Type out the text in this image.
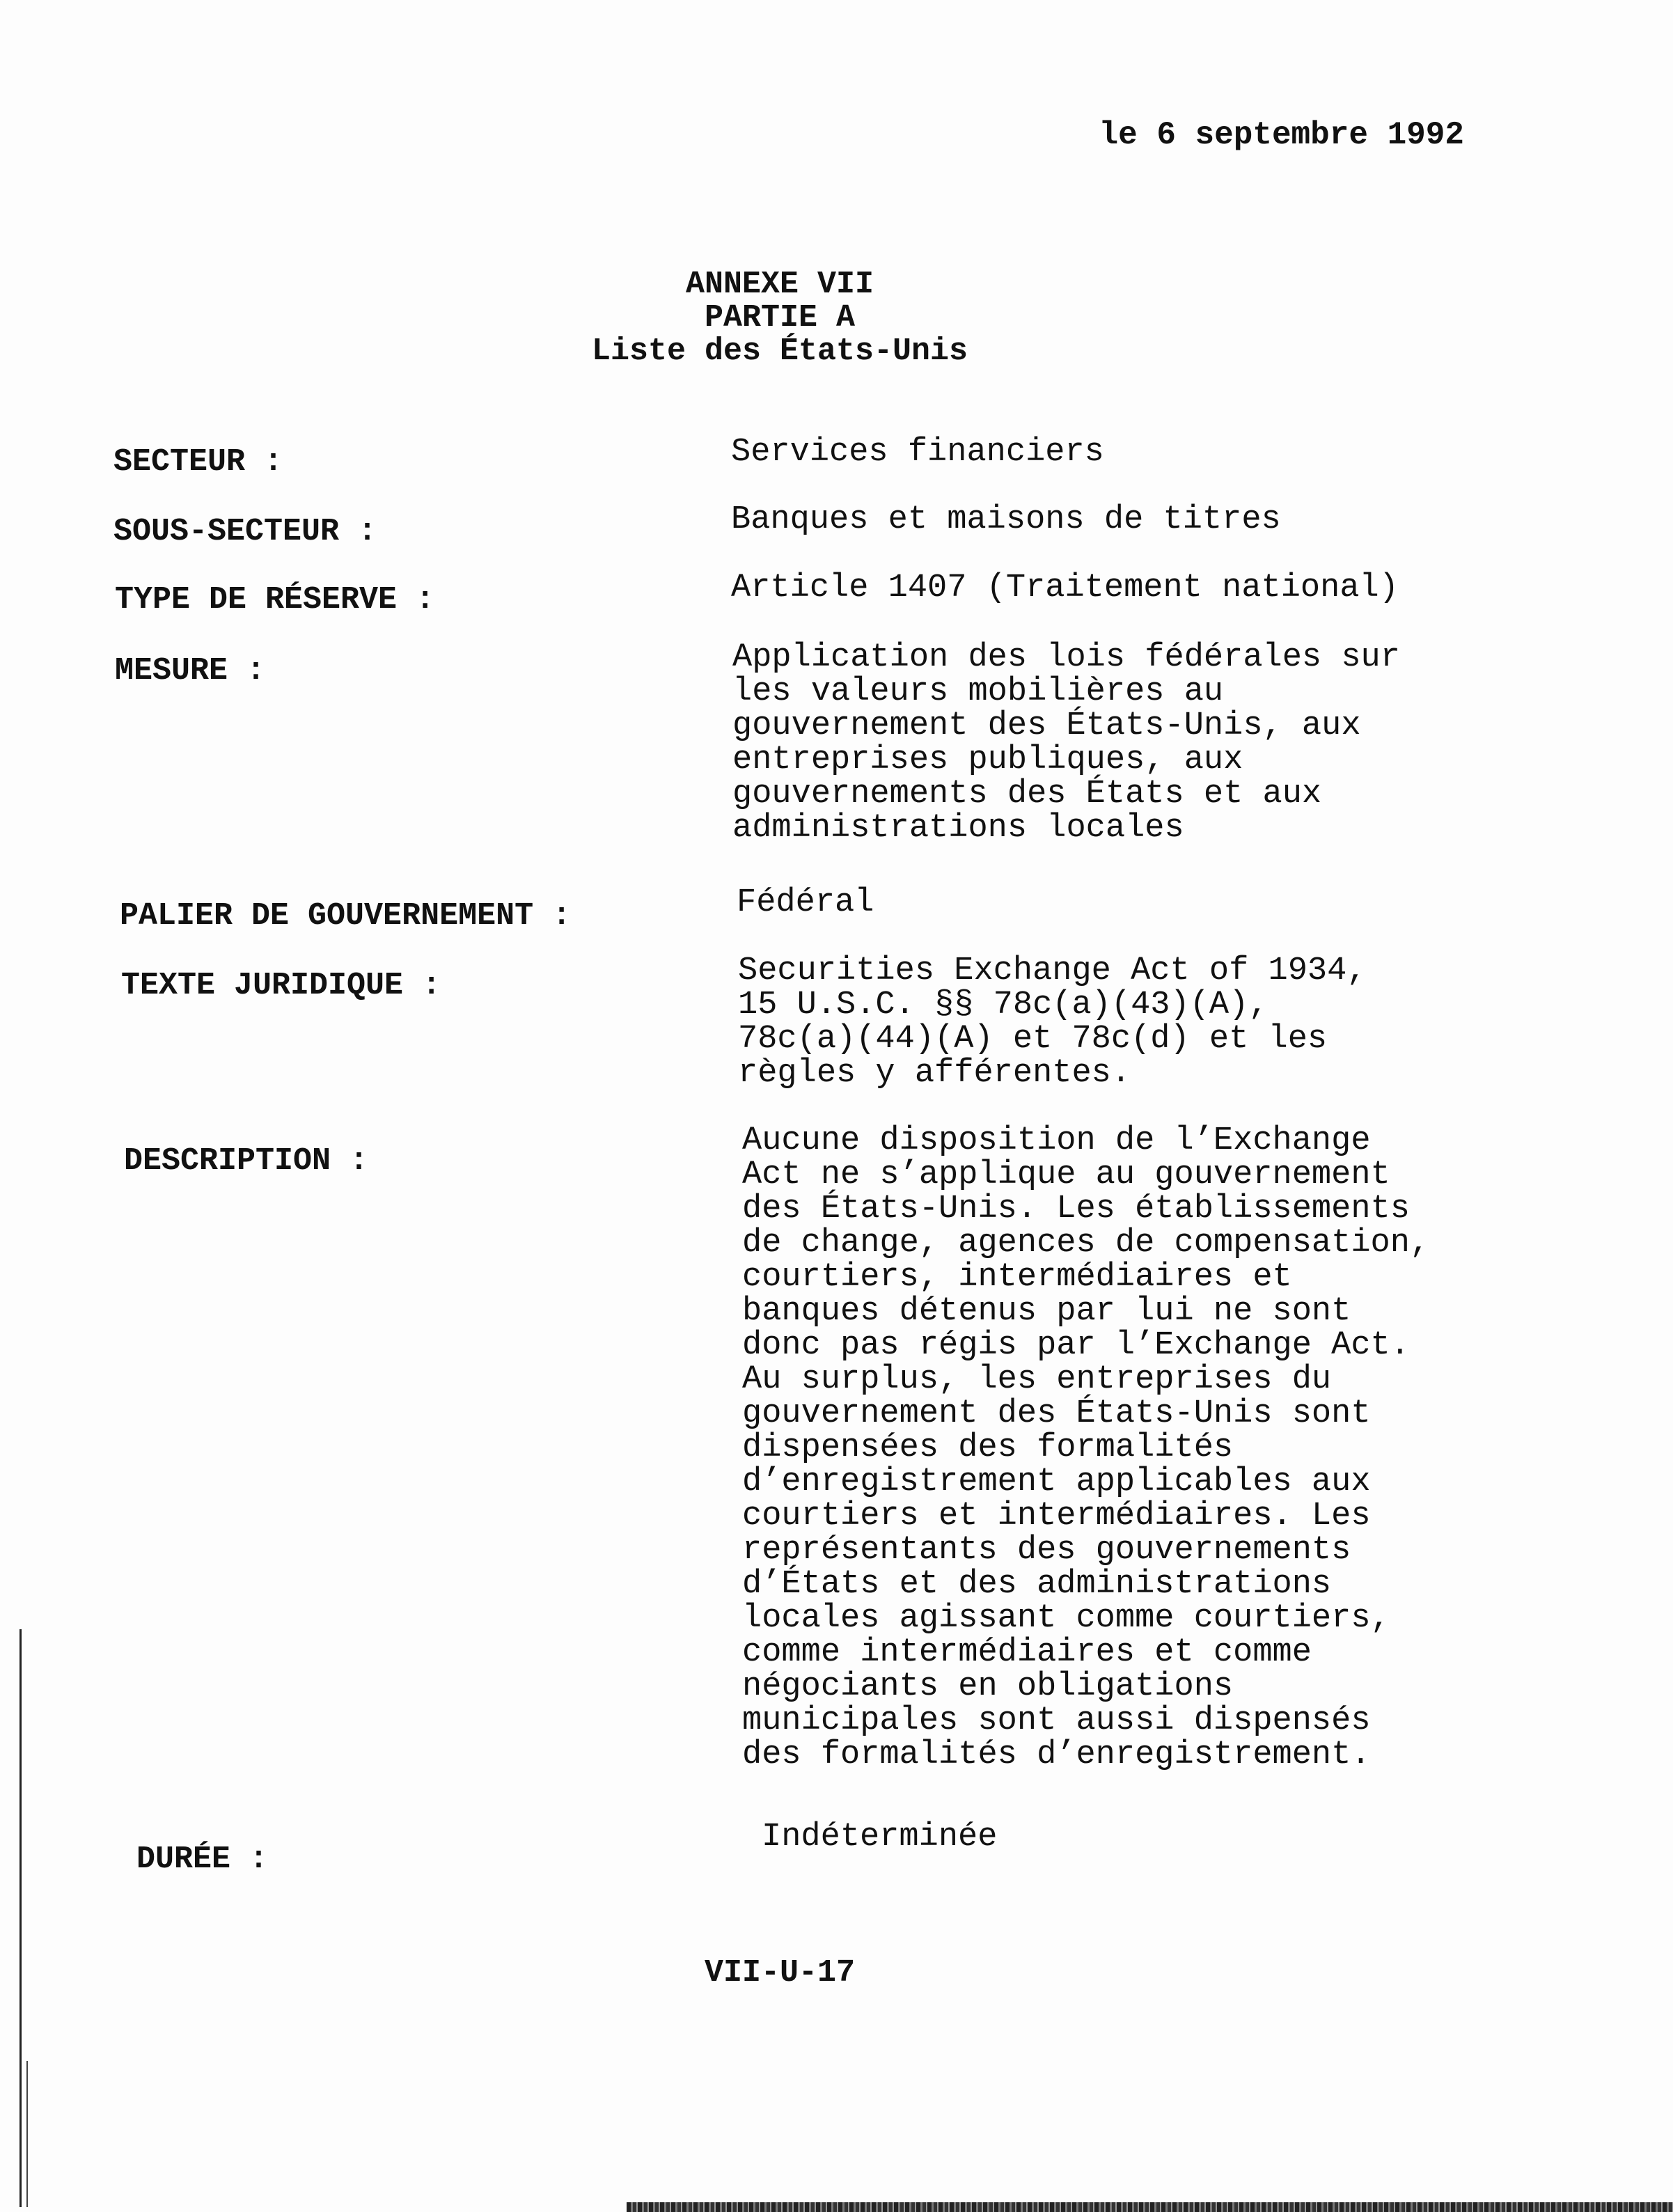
le 6 septembre 1992
ANNEXE VII
PARTIE A
Liste des États-Unis
SECTEUR :	Services financiers
SOUS-SECTEUR :	Banques et maisons de titres
TYPE DE RÉSERVE :	Article 1407 (Traitement national)
MESURE :	Application des lois fédérales sur
les valeurs mobilières au
gouvernement des États-Unis, aux
entreprises publiques, aux
gouvernements des États et aux
administrations locales
PALIER DE GOUVERNEMENT :	Fédéral
TEXTE JURIDIQUE :	Securities Exchange Act of 1934,
15 U.S.C. §§ 78c(a)(43)(A),
78c(a)(44)(A) et 78c(d) et les
règles y afférentes.
DESCRIPTION :
Aucune disposition de l’Exchange
Act ne s’applique au gouvernement
des États-Unis. Les établissements
de change, agences de compensation,
courtiers, intermédiaires et
banques détenus par lui ne sont
donc pas régis par l’Exchange Act.
Au surplus, les entreprises du
gouvernement des États-Unis sont
dispensées des formalités
d’enregistrement applicables aux
courtiers et intermédiaires. Les
représentants des gouvernements
d’États et des administrations
locales agissant comme courtiers,
comme intermédiaires et comme
négociants en obligations
municipales sont aussi dispensés
des formalités d’enregistrement.
DURÉE :
Indéterminée
VII-U-17
